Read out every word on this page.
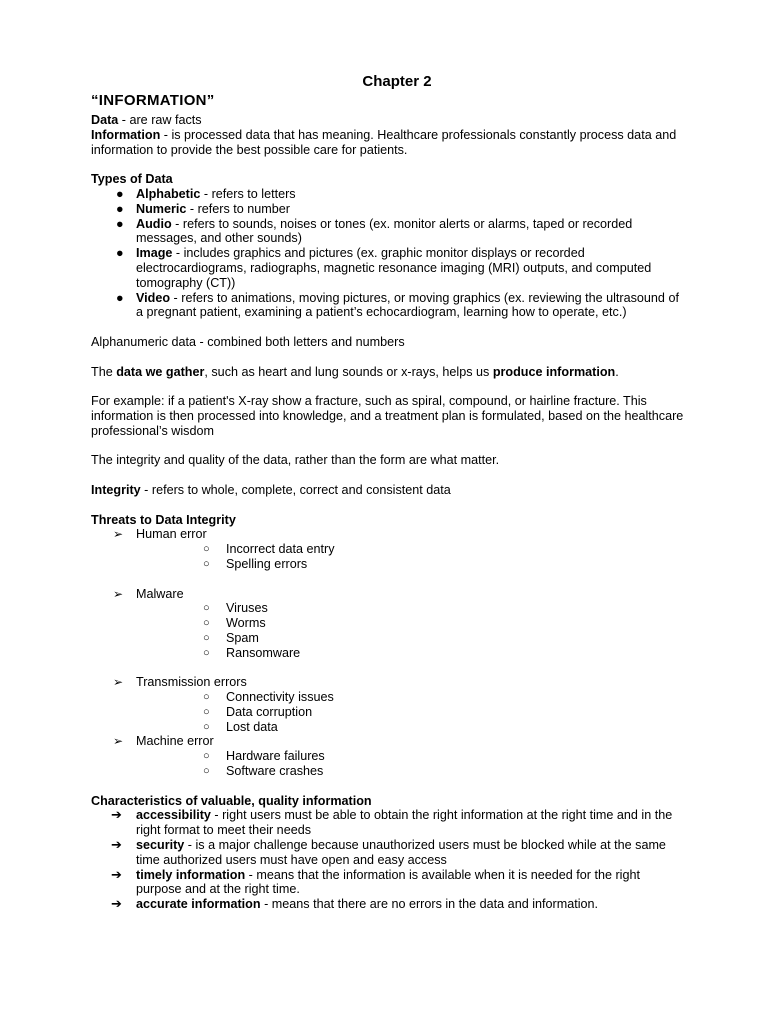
Chapter 2
“INFORMATION”

Data - are raw facts

Information - is processed data that has meaning. Healthcare professionals constantly process data and information to provide the best possible care for patients.

Types of Data

● Alphabetic - refers to letters
● Numeric - refers to number
● Audio - refers to sounds, noises or tones (ex. monitor alerts or alarms, taped or recorded messages, and other sounds)
● Image - includes graphics and pictures (ex. graphic monitor displays or recorded electrocardiograms, radiographs, magnetic resonance imaging (MRI) outputs, and computed tomography (CT))
● Video - refers to animations, moving pictures, or moving graphics (ex. reviewing the ultrasound of a pregnant patient, examining a patient’s echocardiogram, learning how to operate, etc.)

Alphanumeric data - combined both letters and numbers

The data we gather, such as heart and lung sounds or x-rays, helps us produce information.

For example: if a patient's X-ray show a fracture, such as spiral, compound, or hairline fracture. This information is then processed into knowledge, and a treatment plan is formulated, based on the healthcare professional’s wisdom

The integrity and quality of the data, rather than the form are what matter.

Integrity - refers to whole, complete, correct and consistent data

Threats to Data Integrity

➢ Human error
○ Incorrect data entry
○ Spelling errors
➢ Malware
○ Viruses
○ Worms
○ Spam
○ Ransomware
➢ Transmission errors
○ Connectivity issues
○ Data corruption
○ Lost data
➢ Machine error
○ Hardware failures
○ Software crashes

Characteristics of valuable, quality information

➔ accessibility - right users must be able to obtain the right information at the right time and in the right format to meet their needs
➔ security - is a major challenge because unauthorized users must be blocked while at the same time authorized users must have open and easy access
➔ timely information - means that the information is available when it is needed for the right purpose and at the right time.
➔ accurate information - means that there are no errors in the data and information.
